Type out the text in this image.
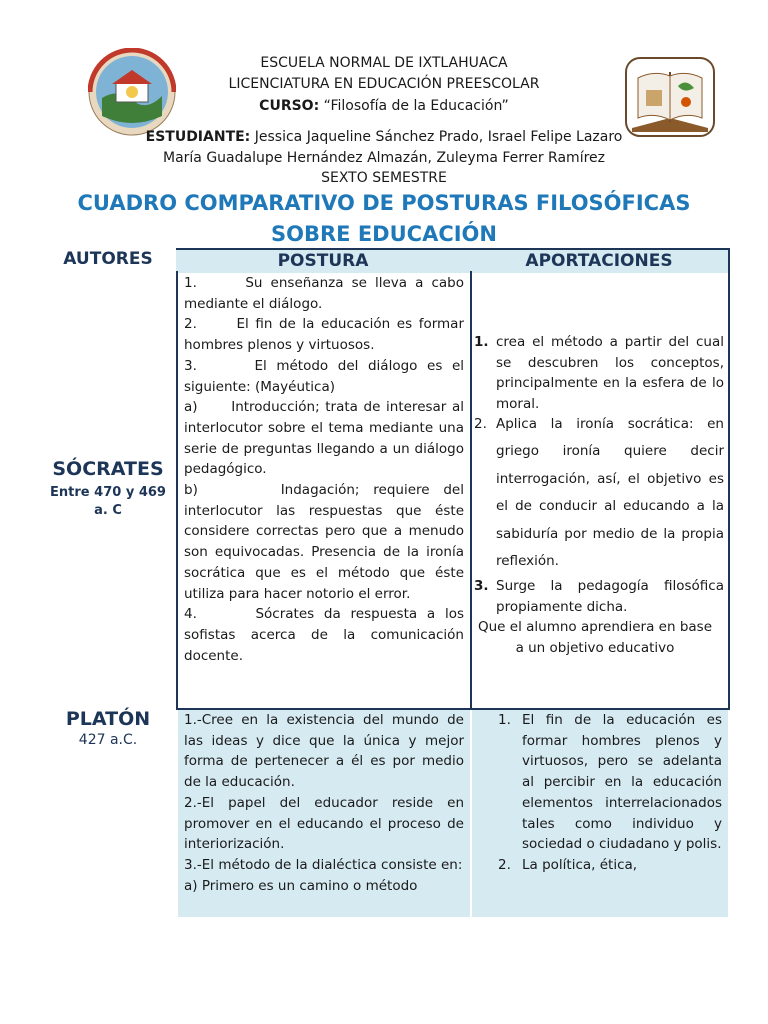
ESCUELA NORMAL DE IXTLAHUACA
LICENCIATURA EN EDUCACIÓN PREESCOLAR
CURSO: “Filosofía de la Educación”
ESTUDIANTE: Jessica Jaqueline Sánchez Prado, Israel Felipe Lazaro
María Guadalupe Hernández Almazán, Zuleyma Ferrer Ramírez
SEXTO SEMESTRE
CUADRO COMPARATIVO DE POSTURAS FILOSÓFICAS
SOBRE EDUCACIÓN
AUTORES	POSTURA	APORTACIONES
SÓCRATES
Entre 470 y 469
a. C

1.      Su enseñanza se lleva a cabo mediante el diálogo.

2.      El fin de la educación es formar hombres plenos y virtuosos.

3.      El método del diálogo es el siguiente: (Mayéutica)

a)      Introducción; trata de interesar al interlocutor sobre el tema mediante una serie de preguntas llegando a un diálogo pedagógico.

b)      Indagación; requiere del interlocutor las respuestas que éste considere correctas pero que a menudo son equivocadas. Presencia de la ironía socrática que es el método que éste utiliza para hacer notorio el error.

4.      Sócrates da respuesta a los sofistas acerca de la comunicación docente.

1. crea el método a partir del cual se descubren los conceptos, principalmente en la esfera de lo moral.
2. Aplica la ironía socrática: en griego ironía quiere decir interrogación, así, el objetivo es el de conducir al educando a la sabiduría por medio de la propia reflexión.
3. Surge la pedagogía filosófica propiamente dicha.
Que el alumno aprendiera en base a un objetivo educativo
PLATÓN
427 a.C.

1.-Cree en la existencia del mundo de las ideas y dice que la única y mejor forma de pertenecer a él es por medio de la educación.

2.-El papel del educador reside en promover en el educando el proceso de interiorización.

3.-El método de la dialéctica consiste en:

a) Primero es un camino o método

1. El fin de la educación es formar hombres plenos y virtuosos, pero se adelanta al percibir en la educación elementos interrelacionados tales como individuo y sociedad o ciudadano y polis.
2. La política, ética,
